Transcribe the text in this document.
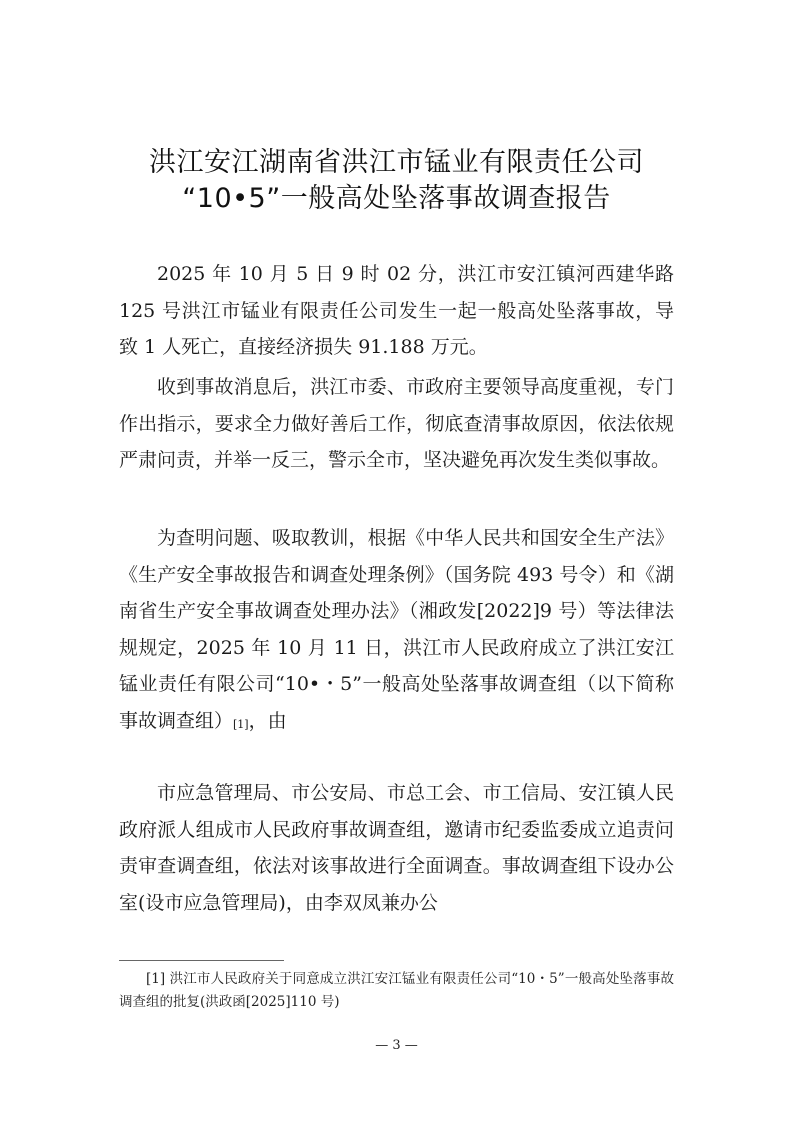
洪江安江湖南省洪江市锰业有限责任公司
“10•5”一般高处坠落事故调查报告

2025 年 10 月 5 日 9 时 02 分，洪江市安江镇河西建华路 125 号洪江市锰业有限责任公司发生一起一般高处坠落事故，导致 1 人死亡，直接经济损失 91.188 万元。

收到事故消息后，洪江市委、市政府主要领导高度重视，专门作出指示，要求全力做好善后工作，彻底查清事故原因，依法依规严肃问责，并举一反三，警示全市，坚决避免再次发生类似事故。

为查明问题、吸取教训，根据《中华人民共和国安全生产法》《生产安全事故报告和调查处理条例》（国务院 493 号令）和《湖南省生产安全事故调查处理办法》（湘政发[2022]9 号）等法律法规规定，2025 年 10 月 11 日，洪江市人民政府成立了洪江安江锰业责任有限公司“10•・5”一般高处坠落事故调查组（以下简称事故调查组）[1]，由

市应急管理局、市公安局、市总工会、市工信局、安江镇人民政府派人组成市人民政府事故调查组，邀请市纪委监委成立追责问责审查调查组，依法对该事故进行全面调查。事故调查组下设办公室(设市应急管理局)，由李双凤兼办公

[1] 洪江市人民政府关于同意成立洪江安江锰业有限责任公司“10・5”一般高处坠落事故调查组的批复(洪政函[2025]110 号)

— 3 —
